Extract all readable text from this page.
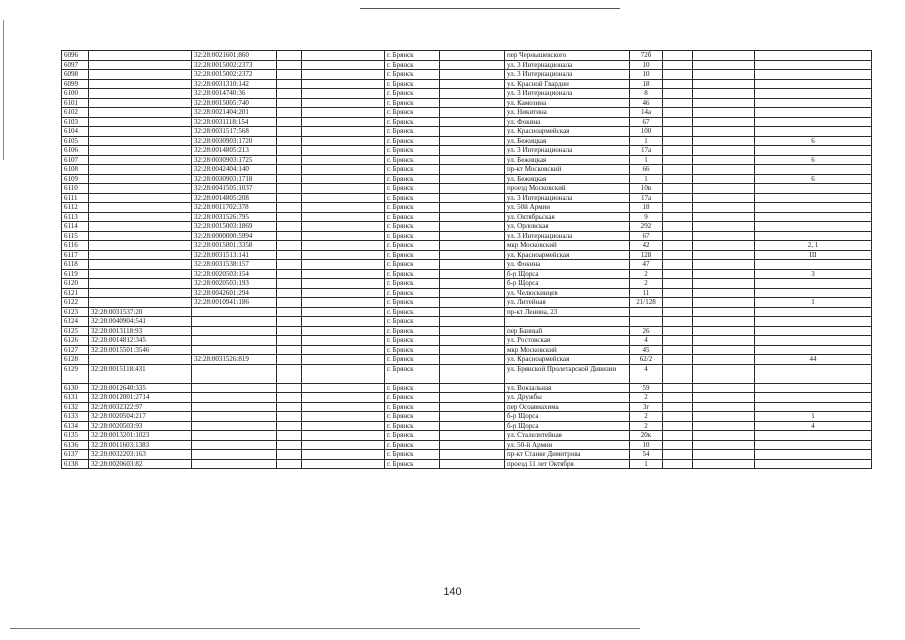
6096		32:28:0021601:860			г. Брянск		пер Чернышевского	72б			
6097		32:28:0015002:2373			г. Брянск		ул. 3 Интернационала	10			
6098		32:28:0015002:2372			г. Брянск		ул. 3 Интернационала	10			
6099		32:28:0031310:142			г. Брянск		ул. Красной Гвардии	18			
6100		32:28:0014740:36			г. Брянск		ул. 3 Интернационала	8			
6101		32:28:0015005:740			г. Брянск		ул. Камозина	46			
6102		32:28:0021404:201			г. Брянск		ул. Никитина	14а			
6103		32:28:0031118:154			г. Брянск		ул. Фокина	67			
6104		32:28:0031517:568			г. Брянск		ул. Красноармейская	100			
6105		32:28:0030903:1720			г. Брянск		ул. Бежицкая	1			6
6106		32:28:0014805:213			г. Брянск		ул. 3 Интернационала	17а			
6107		32:28:0030903:1725			г. Брянск		ул. Бежицкая	1			6
6108		32:28:0042404:140			г. Брянск		пр-кт Московский	66			
6109		32:28:0030903:1718			г. Брянск		ул. Бежицкая	1			6
6110		32:28:0041505:1037			г. Брянск		проезд Московский	10в			
6111		32:28:0014805:208			г. Брянск		ул. 3 Интернационала	17а			
6112		32:28:0011702:378			г. Брянск		ул. 50й Армии	18			
6113		32:28:0031526:795			г. Брянск		ул. Октябрьская	9			
6114		32:28:0015003:1869			г. Брянск		ул. Орловская	292			
6115		32:28:0000000:5994			г. Брянск		ул. 3 Интернационала	67			
6116		32:28:0015001:3358			г. Брянск		мкр Московский	42			2, 1
6117		32:28:0031513:141			г. Брянск		ул. Красноармейская	128			III
6118		32:28:0031538:157			г. Брянск		ул. Фокина	47			
6119		32:28:0020503:154			г. Брянск		б-р Щорса	2			3
6120		32:28:0020503:193			г. Брянск		б-р Щорса	2			
6121		32:28:0042601:294			г. Брянск		ул. Челюскинцев	11			
6122		32:28:0010941:186			г. Брянск		ул. Литейная	21/128			1
6123	32:28:0031537:20				г. Брянск		пр-кт Ленина, 23				
6124	32:28:0040904:541				г. Брянск						
6125	32:28:0013118:93				г. Брянск		пер Банный	26			
6126	32:28:0014812:345				г. Брянск		ул. Ростовская	4			
6127	32:28:0015501:3546				г. Брянск		мкр Московский	45			
6128		32:28:0031526:819			г. Брянск		ул. Красноармейская	62/2			44
6129	32:28:0015118:431				г. Брянск		ул. Брянской Пролетарской Дивизии	4			
6130	32:28:0012640:335				г. Брянск		ул. Вокзальная	59			
6131	32:28:0012001:2714				г. Брянск		ул. Дружбы	2			
6132	32:28:0032322:97				г. Брянск		пер Осоавиахима	3г			
6133	32:28:0020504:217				г. Брянск		б-р Щорса	2			1
6134	32:28:0020503:93				г. Брянск		б-р Щорса	2			4
6135	32:28:0013201:1023				г. Брянск		ул. Сталелитейная	20к			
6136	32:28:0011603:1383				г. Брянск		ул. 50-й Армии	10			
6137	32:28:0032203:163				г. Брянск		пр-кт Станке Димитрова	54			
6138	32:28:0020603:82				г. Брянск		проезд 11 лет Октября	1			
140
